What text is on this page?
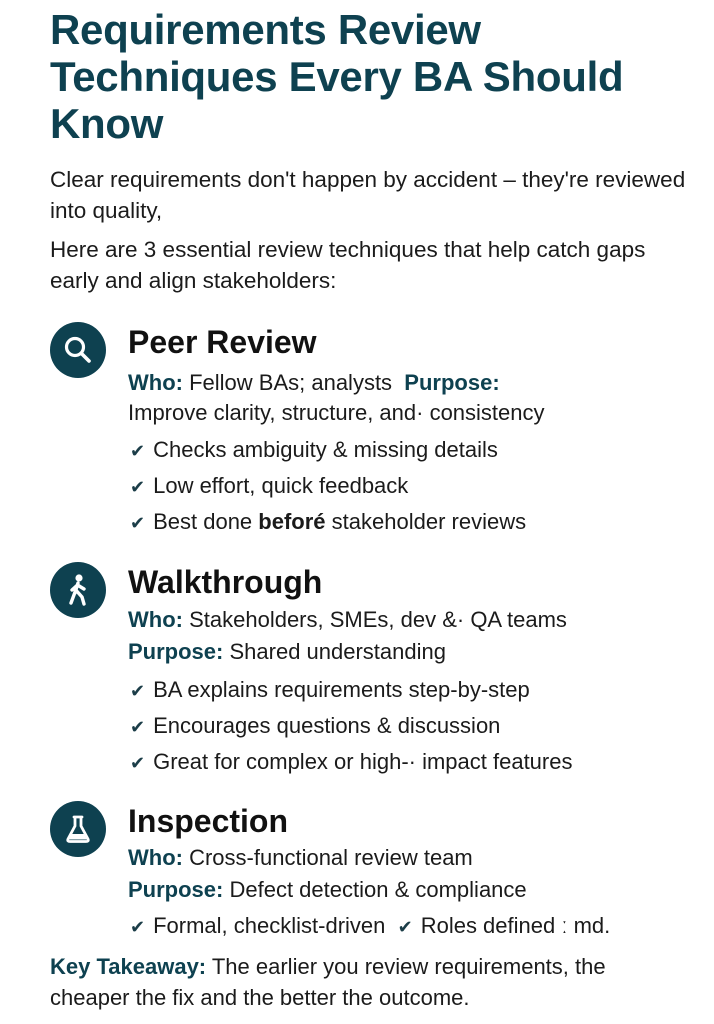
Requirements Review Techniques Every BA Should Know

Clear requirements don't happen by accident – they're reviewed into quality,

Here are 3 essential review techniques that help catch gaps early and align stakeholders:

Peer Review
Who: Fellow BAs; analysts Purpose:
Improve clarity, structure, and· consistency
✔ Checks ambiguity & missing details
✔ Low effort, quick feedback
✔ Best done beforé stakeholder reviews
Walkthrough
Who: Stakeholders, SMEs, dev &· QA teams
Purpose: Shared understanding
✔ BA explains requirements step-by-step
✔ Encourages questions & discussion
✔ Great for complex or high-· impact features
Inspection
Who: Cross-functional review team
Purpose: Defect detection & compliance
✔ Formal, checklist-driven ✔ Roles defined ː md.

Key Takeaway: The earlier you review requirements, the cheaper the fix and the better the outcome.
